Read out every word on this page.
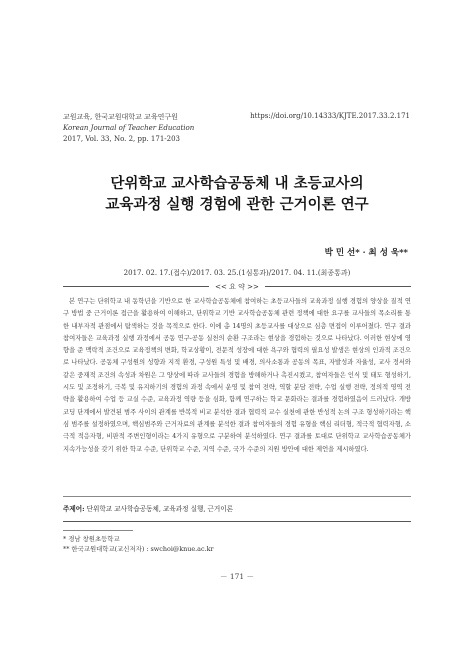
교원교육, 한국교원대학교 교육연구원
Korean Journal of Teacher Education
2017, Vol. 33, No. 2, pp. 171-203
https://doi.org/10.14333/KJTE.2017.33.2.171
단위학교 교사학습공동체 내 초등교사의
교육과정 실행 경험에 관한 근거이론 연구
박 민 선* · 최 성 욱**
2017. 02. 17.(접수)/2017. 03. 25.(1심통과)/2017. 04. 11.(최종통과)
<< 요 약 >>
본 연구는 단위학교 내 동학년을 기반으로 한 교사학습공동체에 참여하는 초등교사들의 교육과정 실행 경험의 양상을 질적 연구 방법 중 근거이론 접근을 활용하여 이해하고, 단위학교 기반 교사학습공동체 관련 정책에 대한 요구를 교사들의 목소리를 통한 내부자적 관점에서 탐색하는 것을 목적으로 한다. 이에 총 14명의 초등교사를 대상으로 심층 면접이 이루어졌다. 연구 결과 참여자들은 교육과정 실행 과정에서 공동 연구-공동 실천의 순환 구조라는 현상을 경험하는 것으로 나타났다. 이러한 현상에 영향을 준 맥락적 조건으로 교육정책의 변화, 학교상황이, 전문적 성장에 대한 욕구와 협력의 필요성 발생은 현상의 인과적 조건으로 나타났다. 공동체 구성원의 성향과 지적 환경, 구성원 특성 및 배경, 의사소통과 공동의 목표, 자발성과 자율성, 교사 정서와 같은 중재적 조건의 속성과 차원은 그 양상에 따라 교사들의 경험을 방해하거나 촉진시켰고, 참여자들은 인식 및 태도 형성하기, 시도 및 조정하기, 극복 및 유지하기의 경험의 과정 속에서 운영 및 참여 전략, 역할 분담 전략, 수업 실행 전략, 정의적 영역 전략을 활용하여 수업 등 교실 수준, 교육과정 역량 등을 심화, 함께 연구하는 학교 문화라는 결과를 경험하였음이 드러났다. 개방 코딩 단계에서 발견된 범주 사이의 관계를 반복적 비교 분석한 결과 협력적 교수 실천에 관한 반성적 논의 구조 형성하기라는 핵심 범주를 설정하였으며, 핵심범주와 근거자료의 관계를 분석한 결과 참여자들의 경험 유형을 핵심 리더형, 적극적 협력자형, 소극적 적응자형, 비판적 주변인형이라는 4가지 유형으로 구분하여 분석하였다. 연구 결과를 토대로 단위학교 교사학습공동체가 지속가능성을 갖기 위한 학교 수준, 단위학교 수준, 지역 수준, 국가 수준의 지원 방안에 대한 제언을 제시하였다.
주제어: 단위학교 교사학습공동체, 교육과정 실행, 근거이론
* 경남 창원초등학교
** 한국교원대학교(교신저자) : swchoi@knue.ac.kr
－ 171 －
